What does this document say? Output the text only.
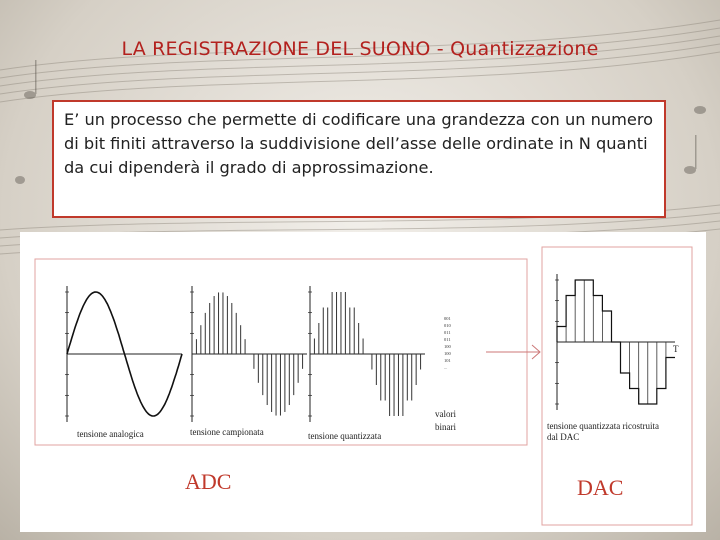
LA REGISTRAZIONE DEL SUONO - Quantizzazione

E’ un processo che permette di codificare una grandezza con un numero di bit finiti attraverso la suddivisione dell’asse delle ordinate in N quanti da cui dipenderà il grado di approssimazione.

T
001
010
011
011
100
100
101
...
tensione analogica	tensione campionata	tensione quantizzata
valori
binari	tensione quantizzata ricostruita
dal DAC
ADC	DAC
